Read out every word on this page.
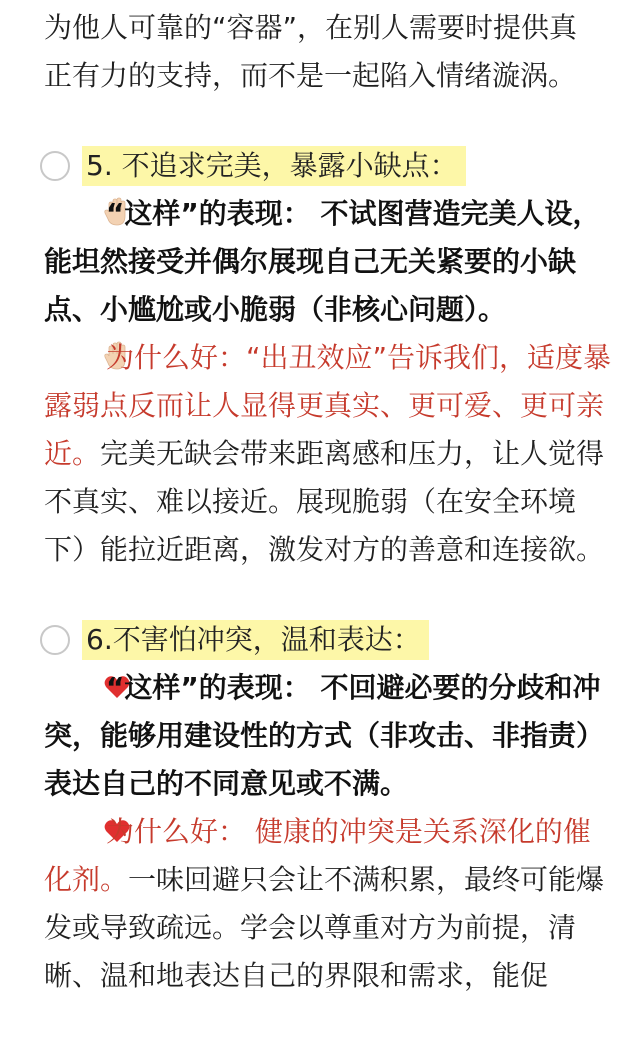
为他人可靠的“容器”，在别人需要时提供真
正有力的支持，而不是一起陷入情绪漩涡。

5. 不追求完美，暴露小缺点：

“这样”的表现： 不试图营造完美人设，能坦然接受并偶尔展现自己无关紧要的小缺点、小尴尬或小脆弱（非核心问题）。

为什么好：“出丑效应”告诉我们，适度暴露弱点反而让人显得更真实、更可爱、更可亲近。完美无缺会带来距离感和压力，让人觉得不真实、难以接近。展现脆弱（在安全环境下）能拉近距离，激发对方的善意和连接欲。

6.不害怕冲突，温和表达：

“这样”的表现： 不回避必要的分歧和冲突，能够用建设性的方式（非攻击、非指责）表达自己的不同意见或不满。

为什么好： 健康的冲突是关系深化的催化剂。一味回避只会让不满积累，最终可能爆发或导致疏远。学会以尊重对方为前提，清晰、温和地表达自己的界限和需求，能促
